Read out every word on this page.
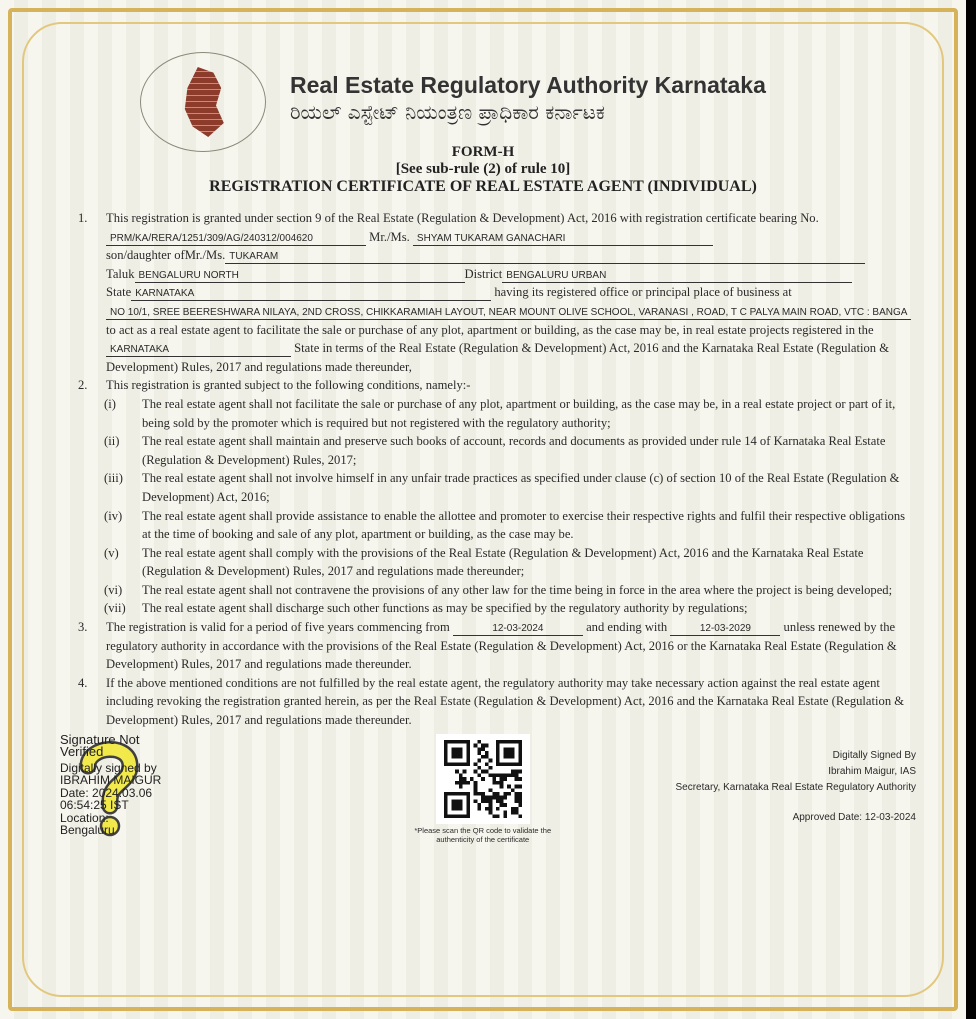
Real Estate Regulatory Authority Karnataka
ರಿಯಲ್ ಎಸ್ಟೇಟ್ ನಿಯಂತ್ರಣ ಪ್ರಾಧಿಕಾರ ಕರ್ನಾಟಕ
FORM-H
[See sub-rule (2) of rule 10]
REGISTRATION CERTIFICATE OF REAL ESTATE AGENT (INDIVIDUAL)
1.	This registration is granted under section 9 of the Real Estate (Regulation & Development) Act, 2016 with registration certificate bearing No. PRM/KA/RERA/1251/309/AG/240312/004620	Mr./Ms. SHYAM TUKARAM GANACHARI
son/daughter ofMr./Ms. TUKARAM
Taluk BENGALURU NORTH	District BENGALURU URBAN
State KARNATAKA	having its registered office or principal place of business at
NO 10/1, SREE BEERESHWARA NILAYA, 2ND CROSS, CHIKKARAMIAH LAYOUT, NEAR MOUNT OLIVE SCHOOL, VARANASI , ROAD, T C PALYA MAIN ROAD, VTC : BANGA
to act as a real estate agent to facilitate the sale or purchase of any plot, apartment or building, as the case may be, in real estate projects registered in the KARNATAKA	State in terms of the Real Estate (Regulation & Development) Act, 2016 and the Karnataka Real Estate (Regulation & Development) Rules, 2017 and regulations made thereunder,
2.	This registration is granted subject to the following conditions, namely:-
(i)	The real estate agent shall not facilitate the sale or purchase of any plot, apartment or building, as the case may be, in a real estate project or part of it, being sold by the promoter which is required but not registered with the regulatory authority;
(ii)	The real estate agent shall maintain and preserve such books of account, records and documents as provided under rule 14 of Karnataka Real Estate (Regulation & Development) Rules, 2017;
(iii)	The real estate agent shall not involve himself in any unfair trade practices as specified under clause (c) of section 10 of the Real Estate (Regulation & Development) Act, 2016;
(iv)	The real estate agent shall provide assistance to enable the allottee and promoter to exercise their respective rights and fulfil their respective obligations at the time of booking and sale of any plot, apartment or building, as the case may be.
(v)	The real estate agent shall comply with the provisions of the Real Estate (Regulation & Development) Act, 2016 and the Karnataka Real Estate (Regulation & Development) Rules, 2017 and regulations made thereunder;
(vi)	The real estate agent shall not contravene the provisions of any other law for the time being in force in the area where the project is being developed;
(vii)	The real estate agent shall discharge such other functions as may be specified by the regulatory authority by regulations;
3.	The registration is valid for a period of five years commencing from	12-03-2024	and ending with	12-03-2029	unless renewed by the regulatory authority in accordance with the provisions of the Real Estate (Regulation & Development) Act, 2016 or the Karnataka Real Estate (Regulation & Development) Rules, 2017 and regulations made thereunder.
4.	If the above mentioned conditions are not fulfilled by the real estate agent, the regulatory authority may take necessary action against the real estate agent including revoking the registration granted herein, as per the Real Estate (Regulation & Development) Act, 2016 and the Karnataka Real Estate (Regulation & Development) Rules, 2017 and regulations made thereunder.
Signature Not Verified
Digitally signed by
IBRAHIM MAIGUR
Date: 2024.03.06
06:54:25 IST
Location:
Bengaluru	*Please scan the QR code to validate the authenticity of the certificate
Digitally Signed By
Ibrahim Maigur, IAS
Secretary, Karnataka Real Estate Regulatory Authority
Approved Date: 12-03-2024
